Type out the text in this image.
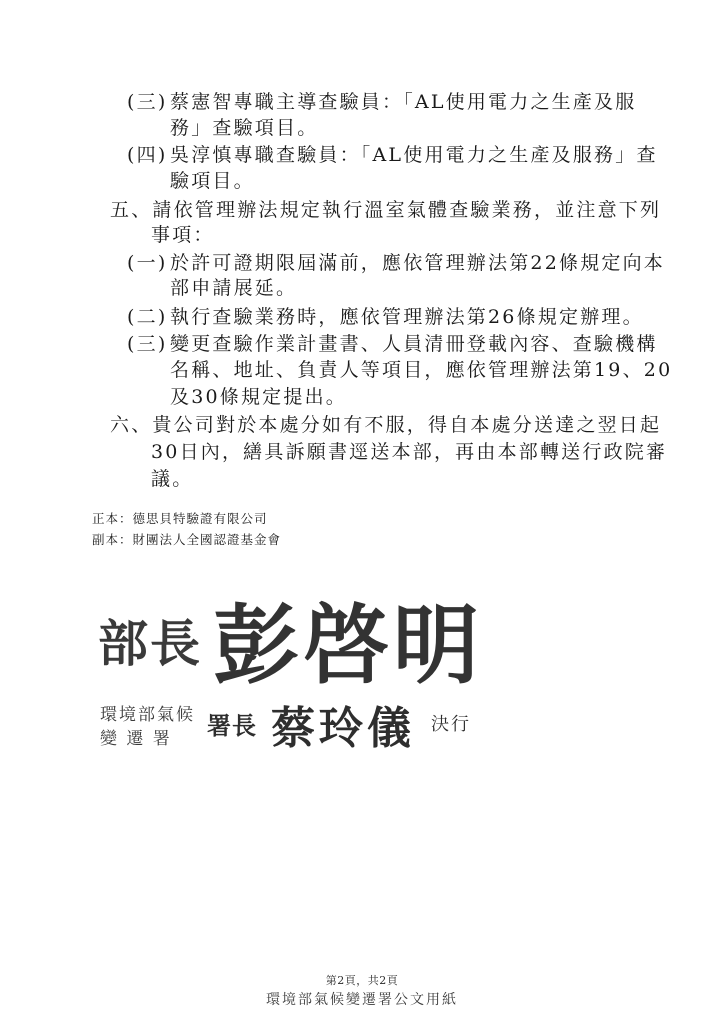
(三) 蔡憲智專職主導查驗員：「AL使用電力之生產及服
務」查驗項目。
(四) 吳淳慎專職查驗員：「AL使用電力之生產及服務」查
驗項目。
五、請依管理辦法規定執行溫室氣體查驗業務，並注意下列
事項：
(一) 於許可證期限屆滿前，應依管理辦法第22條規定向本
部申請展延。
(二) 執行查驗業務時，應依管理辦法第26條規定辦理。
(三) 變更查驗作業計畫書、人員清冊登載內容、查驗機構
名稱、地址、負責人等項目，應依管理辦法第19、20
及30條規定提出。
六、貴公司對於本處分如有不服，得自本處分送達之翌日起
30日內，繕具訴願書逕送本部，再由本部轉送行政院審
議。
正本：德思貝特驗證有限公司
副本：財團法人全國認證基金會
部長 彭啓明
環境部氣候
變 遷 署 署長 蔡玲儀 決行
第2頁，共2頁
環境部氣候變遷署公文用紙
